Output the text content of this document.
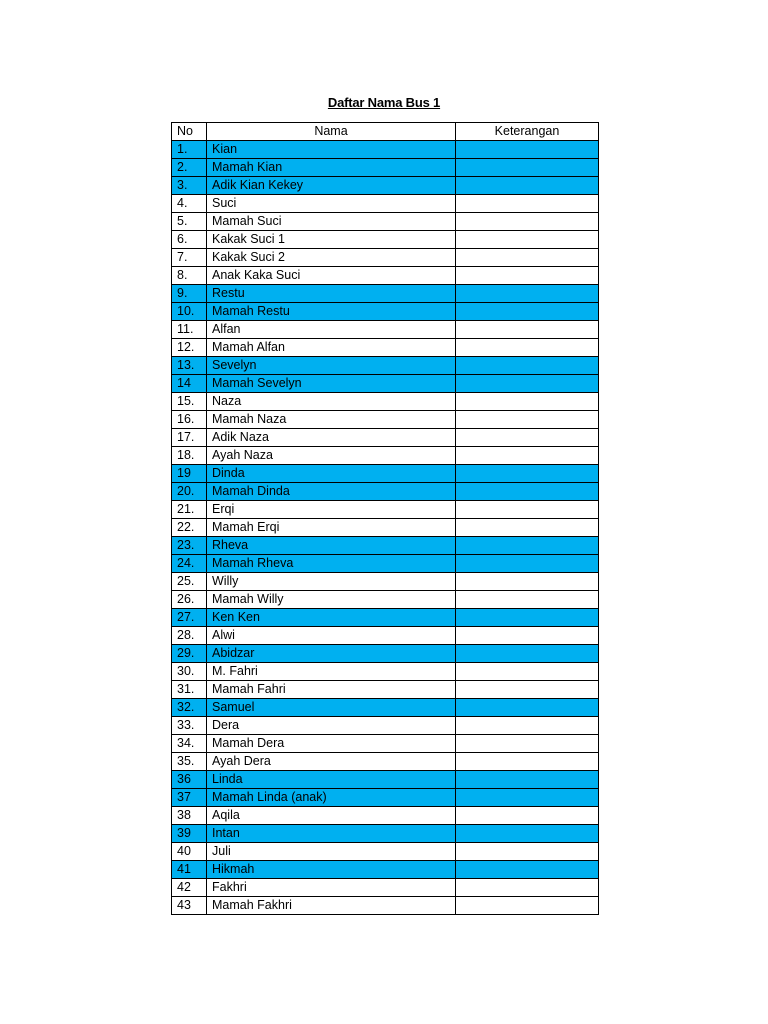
Daftar Nama Bus 1
No	Nama	Keterangan
1.	Kian	
2.	Mamah Kian	
3.	Adik Kian Kekey	
4.	Suci	
5.	Mamah Suci	
6.	Kakak Suci 1	
7.	Kakak Suci 2	
8.	Anak Kaka Suci	
9.	Restu	
10.	Mamah Restu	
11.	Alfan	
12.	Mamah Alfan	
13.	Sevelyn	
14	Mamah Sevelyn	
15.	Naza	
16.	Mamah Naza	
17.	Adik Naza	
18.	Ayah Naza	
19	Dinda	
20.	Mamah Dinda	
21.	Erqi	
22.	Mamah Erqi	
23.	Rheva	
24.	Mamah Rheva	
25.	Willy	
26.	Mamah Willy	
27.	Ken Ken	
28.	Alwi	
29.	Abidzar	
30.	M. Fahri	
31.	Mamah Fahri	
32.	Samuel	
33.	Dera	
34.	Mamah Dera	
35.	Ayah Dera	
36	Linda	
37	Mamah Linda (anak)	
38	Aqila	
39	Intan	
40	Juli	
41	Hikmah	
42	Fakhri	
43	Mamah Fakhri	
